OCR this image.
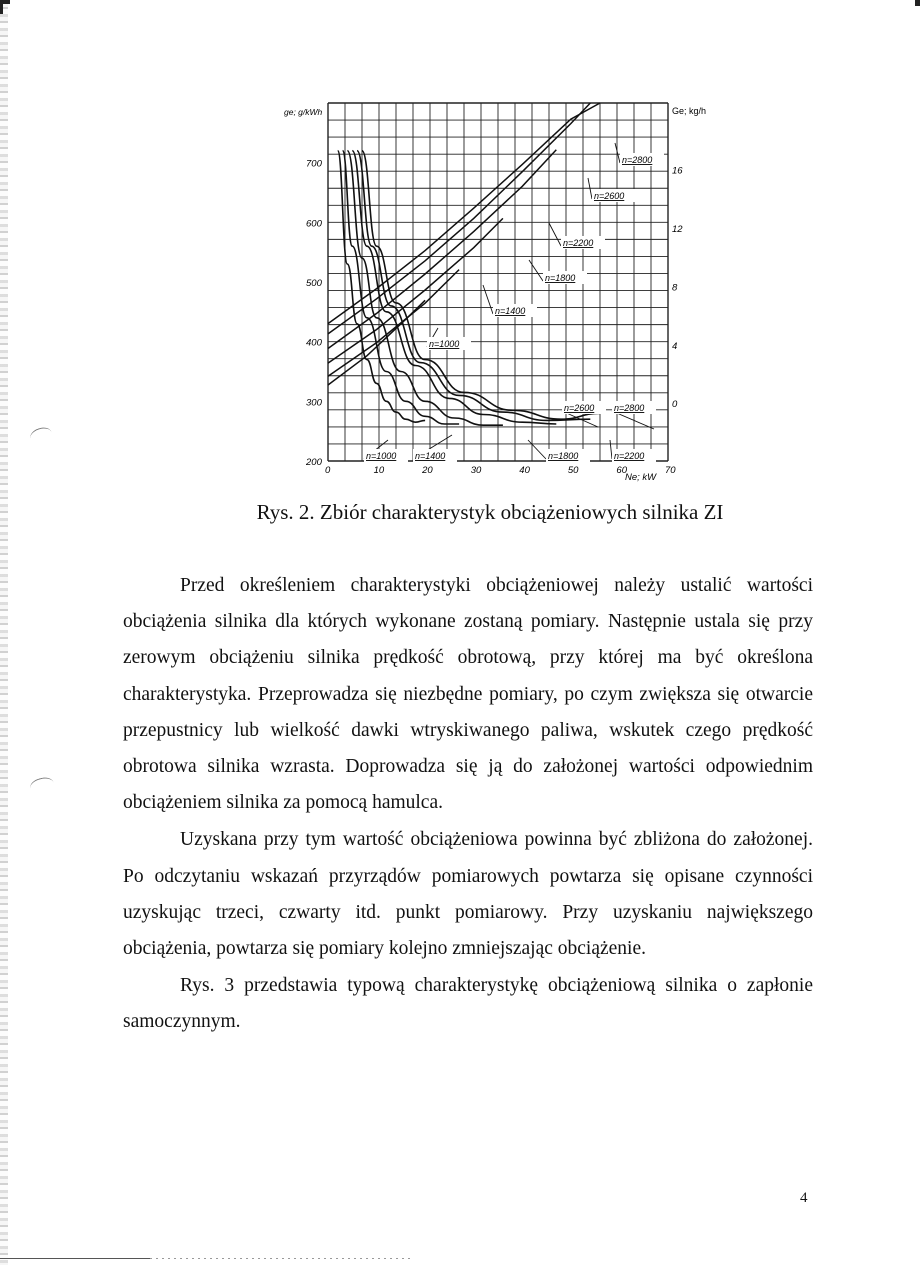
0	10	20	30	40	50	60	70
200
300
400
500
600
700
0
4
8
12
16
n=1000
n=1400
n=1800
n=2200
n=2600
n=2800
n=1000 n=1400	n=1800	n=2200
n=2600 n=2800
ge; g/kWh	Ge; kg/h
Ne; kW
Rys. 2. Zbiór charakterystyk obciążeniowych silnika ZI

Przed określeniem charakterystyki obciążeniowej należy ustalić wartości obciążenia silnika dla których wykonane zostaną pomiary. Następnie ustala się przy zerowym obciążeniu silnika prędkość obrotową, przy której ma być określona charakterystyka. Przeprowadza się niezbędne pomiary, po czym zwiększa się otwarcie przepustnicy lub wielkość dawki wtryskiwanego paliwa, wskutek czego prędkość obrotowa silnika wzrasta. Doprowadza się ją do założonej wartości odpowiednim obciążeniem silnika za pomocą hamulca.

Uzyskana przy tym wartość obciążeniowa powinna być zbliżona do założonej. Po odczytaniu wskazań przyrządów pomiarowych powtarza się opisane czynności uzyskując trzeci, czwarty itd. punkt pomiarowy. Przy uzyskaniu największego obciążenia, powtarza się pomiary kolejno zmniejszając obciążenie.

Rys. 3 przedstawia typową charakterystykę obciążeniową silnika o zapłonie samoczynnym.

4
